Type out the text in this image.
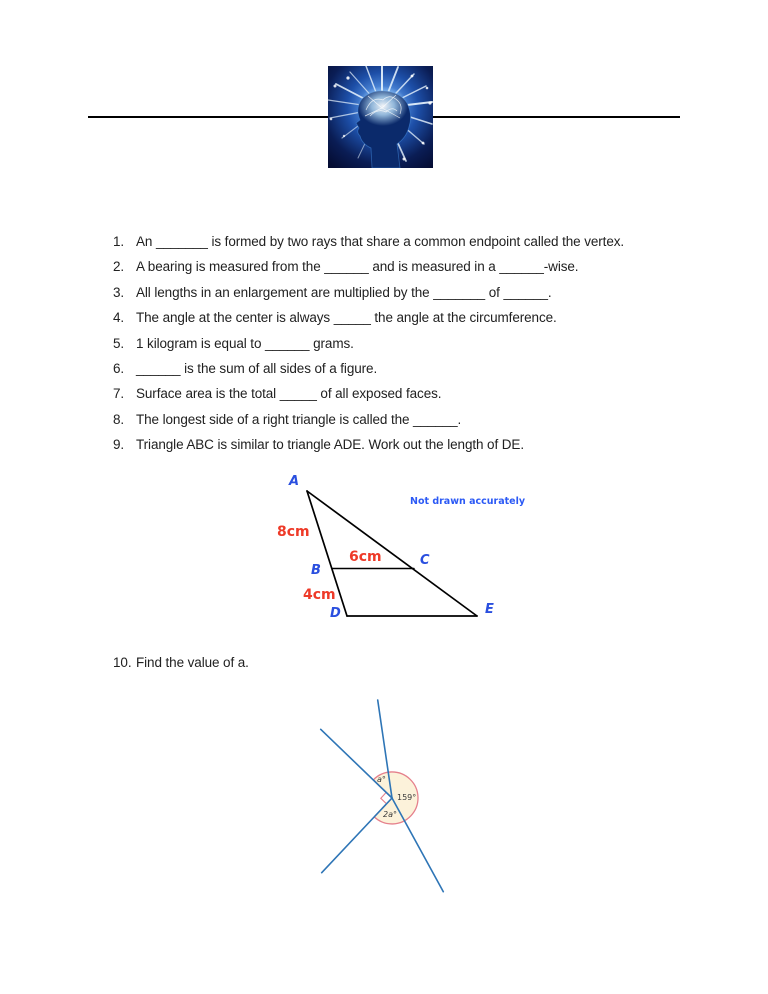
1. An _______ is formed by two rays that share a common endpoint called the vertex.
2. A bearing is measured from the ______ and is measured in a ______-wise.
3. All lengths in an enlargement are multiplied by the _______ of ______.
4. The angle at the center is always _____ the angle at the circumference.
5. 1 kilogram is equal to ______ grams.
6. ______ is the sum of all sides of a figure.
7. Surface area is the total _____ of all exposed faces.
8. The longest side of a right triangle is called the ______.
9. Triangle ABC is similar to triangle ADE. Work out the length of DE.
10. Find the value of a.
A
B
C
D	E
8cm
6cm
4cm
Not drawn accurately
a°
159°
2a°
